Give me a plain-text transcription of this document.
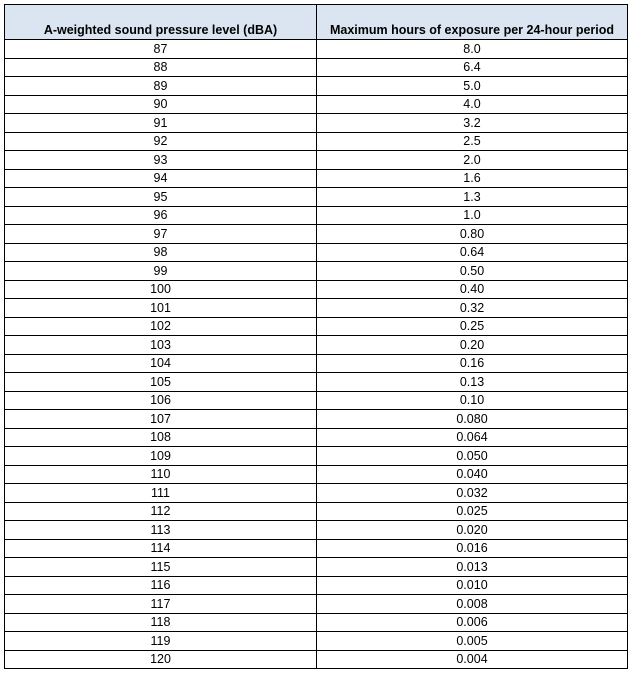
A-weighted sound pressure level (dBA)	Maximum hours of exposure per 24-hour period
87	8.0
88	6.4
89	5.0
90	4.0
91	3.2
92	2.5
93	2.0
94	1.6
95	1.3
96	1.0
97	0.80
98	0.64
99	0.50
100	0.40
101	0.32
102	0.25
103	0.20
104	0.16
105	0.13
106	0.10
107	0.080
108	0.064
109	0.050
110	0.040
111	0.032
112	0.025
113	0.020
114	0.016
115	0.013
116	0.010
117	0.008
118	0.006
119	0.005
120	0.004
